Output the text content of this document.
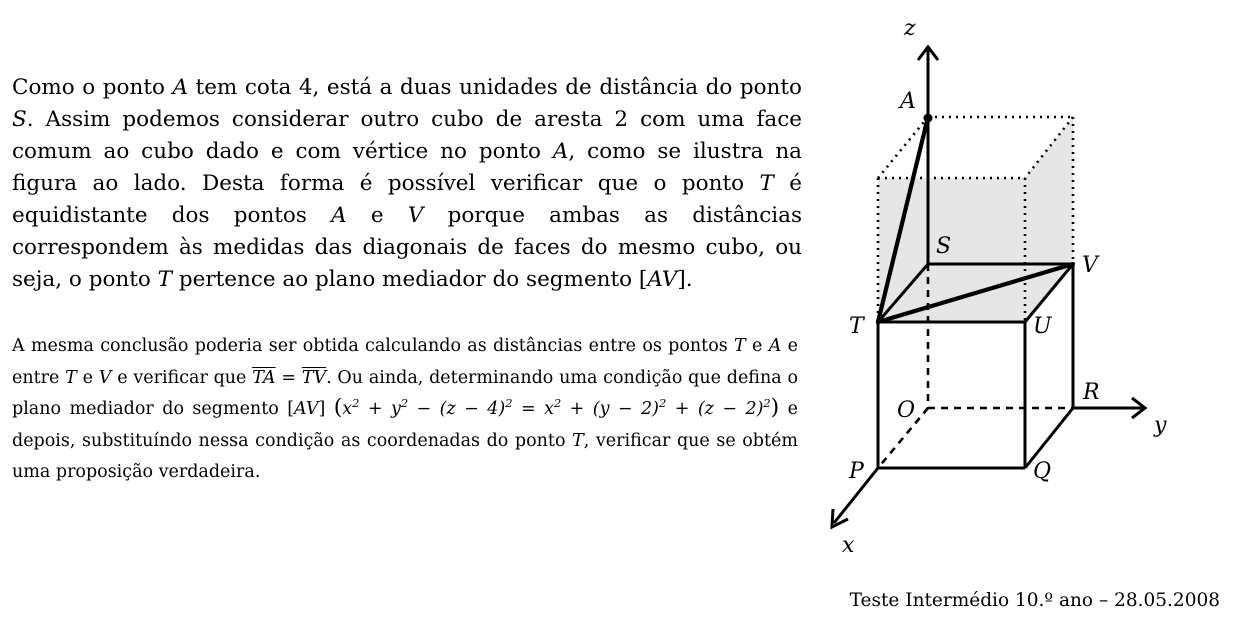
Como o ponto A tem cota 4, está a duas unidades de distância do ponto S. Assim podemos considerar outro cubo de aresta 2 com uma face comum ao cubo dado e com vértice no ponto A, como se ilustra na figura ao lado. Desta forma é possível verificar que o ponto T é equidistante dos pontos A e V porque ambas as distâncias correspondem às medidas das diagonais de faces do mesmo cubo, ou seja, o ponto T pertence ao plano mediador do segmento [AV].
A mesma conclusão poderia ser obtida calculando as distâncias entre os pontos T e A e entre T e V e verificar que $\overline{TA} = \overline{TV}$. Ou ainda, determinando uma condição que defina o plano mediador do segmento [AV] $(x^2 + y^2 - (z - 4)^2 = x^2 + (y - 2)^2 + (z - 2)^2)$ e depois, substituíndo nessa condição as coordenadas do ponto T, verificar que se obtém uma proposição verdadeira.
z
y
x
A
S
V
T	U
O
R
P	Q
Teste Intermédio 10.º ano – 28.05.2008
